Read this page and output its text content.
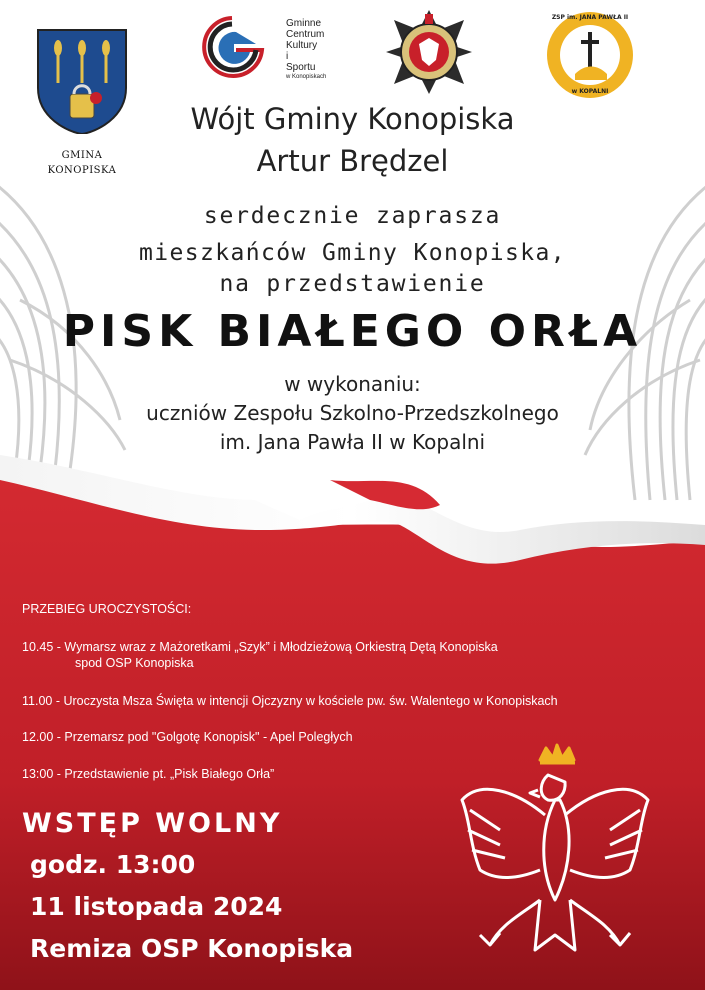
GMINA
KONOPISKA
Gminne
Centrum
Kultury
i
Sportu
w Konopiskach
ZSP im. JANA PAWŁA II
w KOPALNI
Wójt Gminy Konopiska
Artur Brędzel
serdecznie zaprasza
mieszkańców Gminy Konopiska,
na przedstawienie
PISK BIAŁEGO ORŁA
w wykonaniu:
uczniów Zespołu Szkolno-Przedszkolnego
im. Jana Pawła II w Kopalni
PRZEBIEG UROCZYSTOŚCI:
10.45 - Wymarsz wraz z Mażoretkami „Szyk” i Młodzieżową Orkiestrą Dętą Konopiska
spod OSP Konopiska
11.00 - Uroczysta Msza Święta w intencji Ojczyzny w kościele pw. św. Walentego w Konopiskach
12.00 - Przemarsz pod "Golgotę Konopisk" - Apel Poległych
13:00 - Przedstawienie pt. „Pisk Białego Orła”
WSTĘP WOLNY
godz. 13:00
11 listopada 2024
Remiza OSP Konopiska
